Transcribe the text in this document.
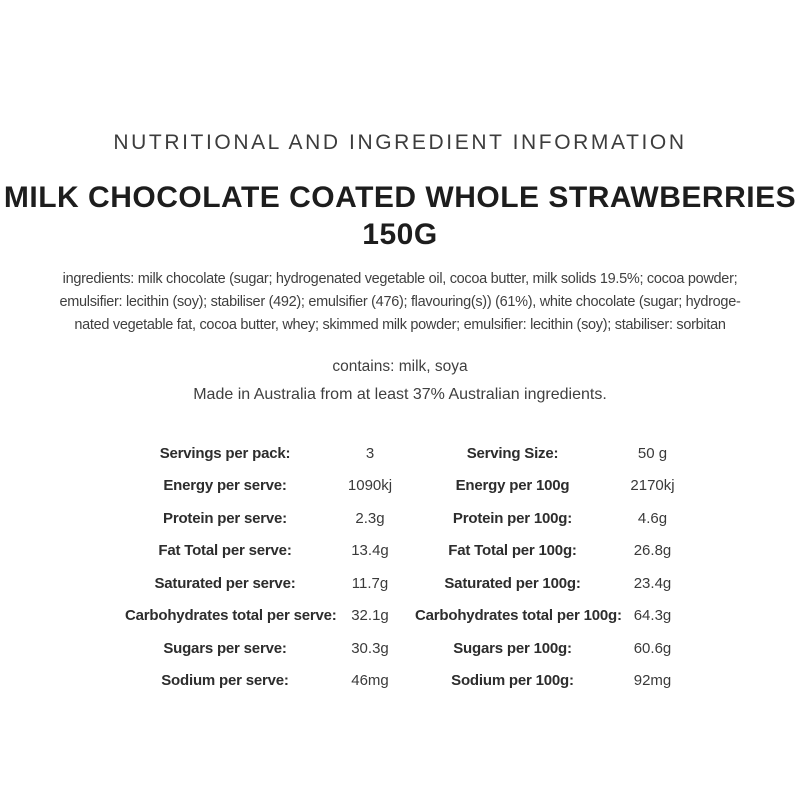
NUTRITIONAL AND INGREDIENT INFORMATION
MILK CHOCOLATE COATED WHOLE STRAWBERRIES
150G
ingredients: milk chocolate (sugar; hydrogenated vegetable oil, cocoa butter, milk solids 19.5%; cocoa powder;
emulsifier: lecithin (soy); stabiliser (492); emulsifier (476); flavouring(s)) (61%), white chocolate (sugar; hydroge-
nated vegetable fat, cocoa butter, whey; skimmed milk powder; emulsifier: lecithin (soy); stabiliser: sorbitan
contains: milk, soya
Made in Australia from at least 37% Australian ingredients.
Servings per pack:	3	Serving Size:	50 g
Energy per serve:	1090kj	Energy per 100g	2170kj
Protein per serve:	2.3g	Protein per 100g:	4.6g
Fat Total per serve:	13.4g	Fat Total per 100g:	26.8g
Saturated per serve:	11.7g	Saturated per 100g:	23.4g
Carbohydrates total per serve: 32.1g	Carbohydrates total per 100g: 64.3g
Sugars per serve:	30.3g	Sugars per 100g:	60.6g
Sodium per serve:	46mg	Sodium per 100g:	92mg
